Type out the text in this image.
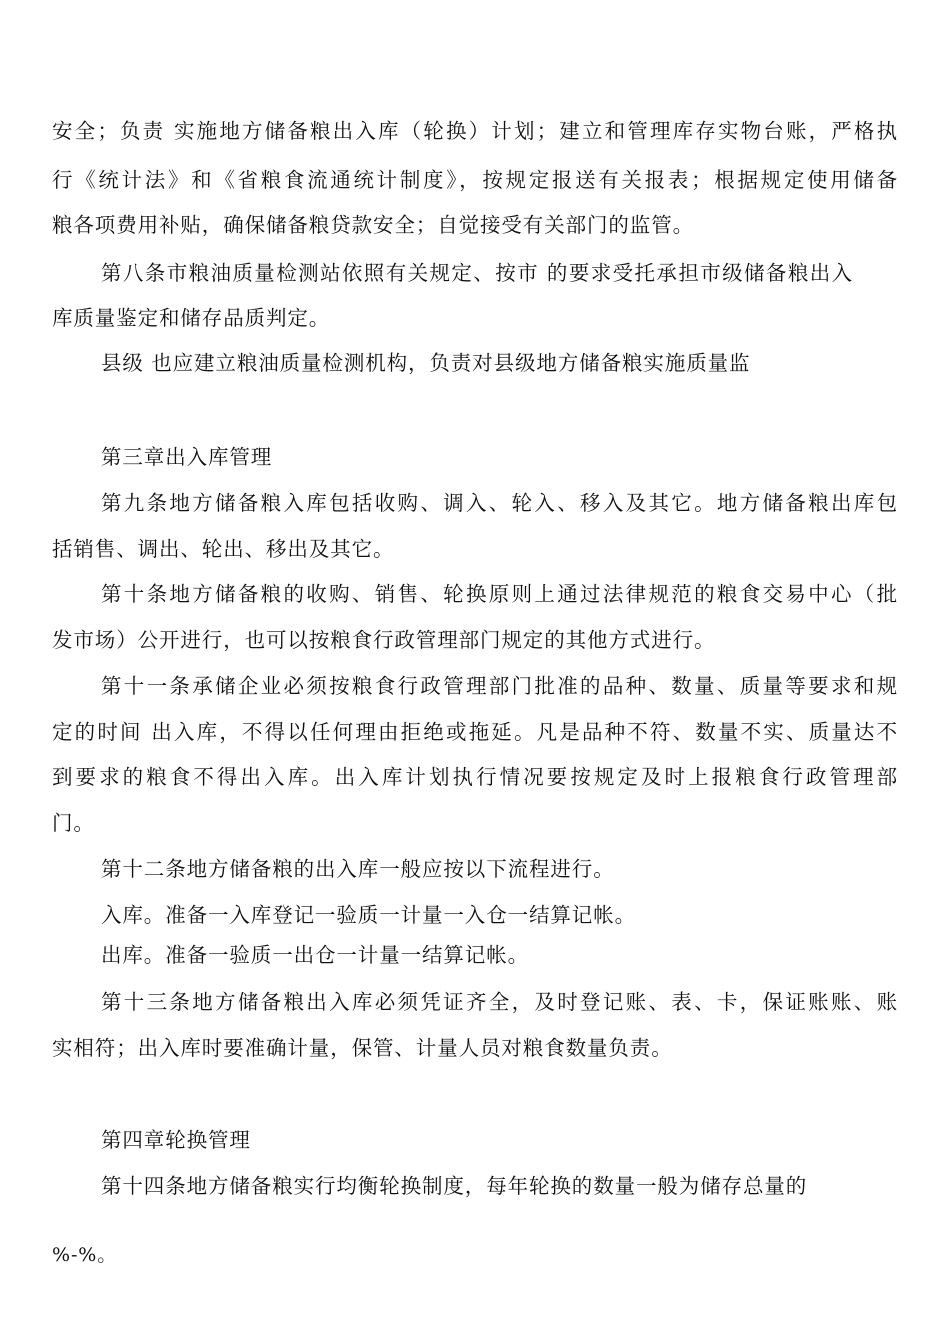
安全；负责 实施地方储备粮出入库（轮换）计划；建立和管理库存实物台账，严格执
行《统计法》和《省粮食流通统计制度》，按规定报送有关报表；根据规定使用储备
粮各项费用补贴，确保储备粮贷款安全；自觉接受有关部门的监管。
第八条市粮油质量检测站依照有关规定、按市 的要求受托承担市级储备粮出入
库质量鉴定和储存品质判定。
县级 也应建立粮油质量检测机构，负责对县级地方储备粮实施质量监
第三章出入库管理
第九条地方储备粮入库包括收购、调入、轮入、移入及其它。地方储备粮出库包
括销售、调出、轮出、移出及其它。
第十条地方储备粮的收购、销售、轮换原则上通过法律规范的粮食交易中心（批
发市场）公开进行，也可以按粮食行政管理部门规定的其他方式进行。
第十一条承储企业必须按粮食行政管理部门批准的品种、数量、质量等要求和规
定的时间 出入库，不得以任何理由拒绝或拖延。凡是品种不符、数量不实、质量达不
到要求的粮食不得出入库。出入库计划执行情况要按规定及时上报粮食行政管理部
门。
第十二条地方储备粮的出入库一般应按以下流程进行。
入库。准备一入库登记一验质一计量一入仓一结算记帐。
出库。准备一验质一出仓一计量一结算记帐。
第十三条地方储备粮出入库必须凭证齐全，及时登记账、表、卡，保证账账、账
实相符；出入库时要准确计量，保管、计量人员对粮食数量负责。
第四章轮换管理
第十四条地方储备粮实行均衡轮换制度，每年轮换的数量一般为储存总量的
%-%。
